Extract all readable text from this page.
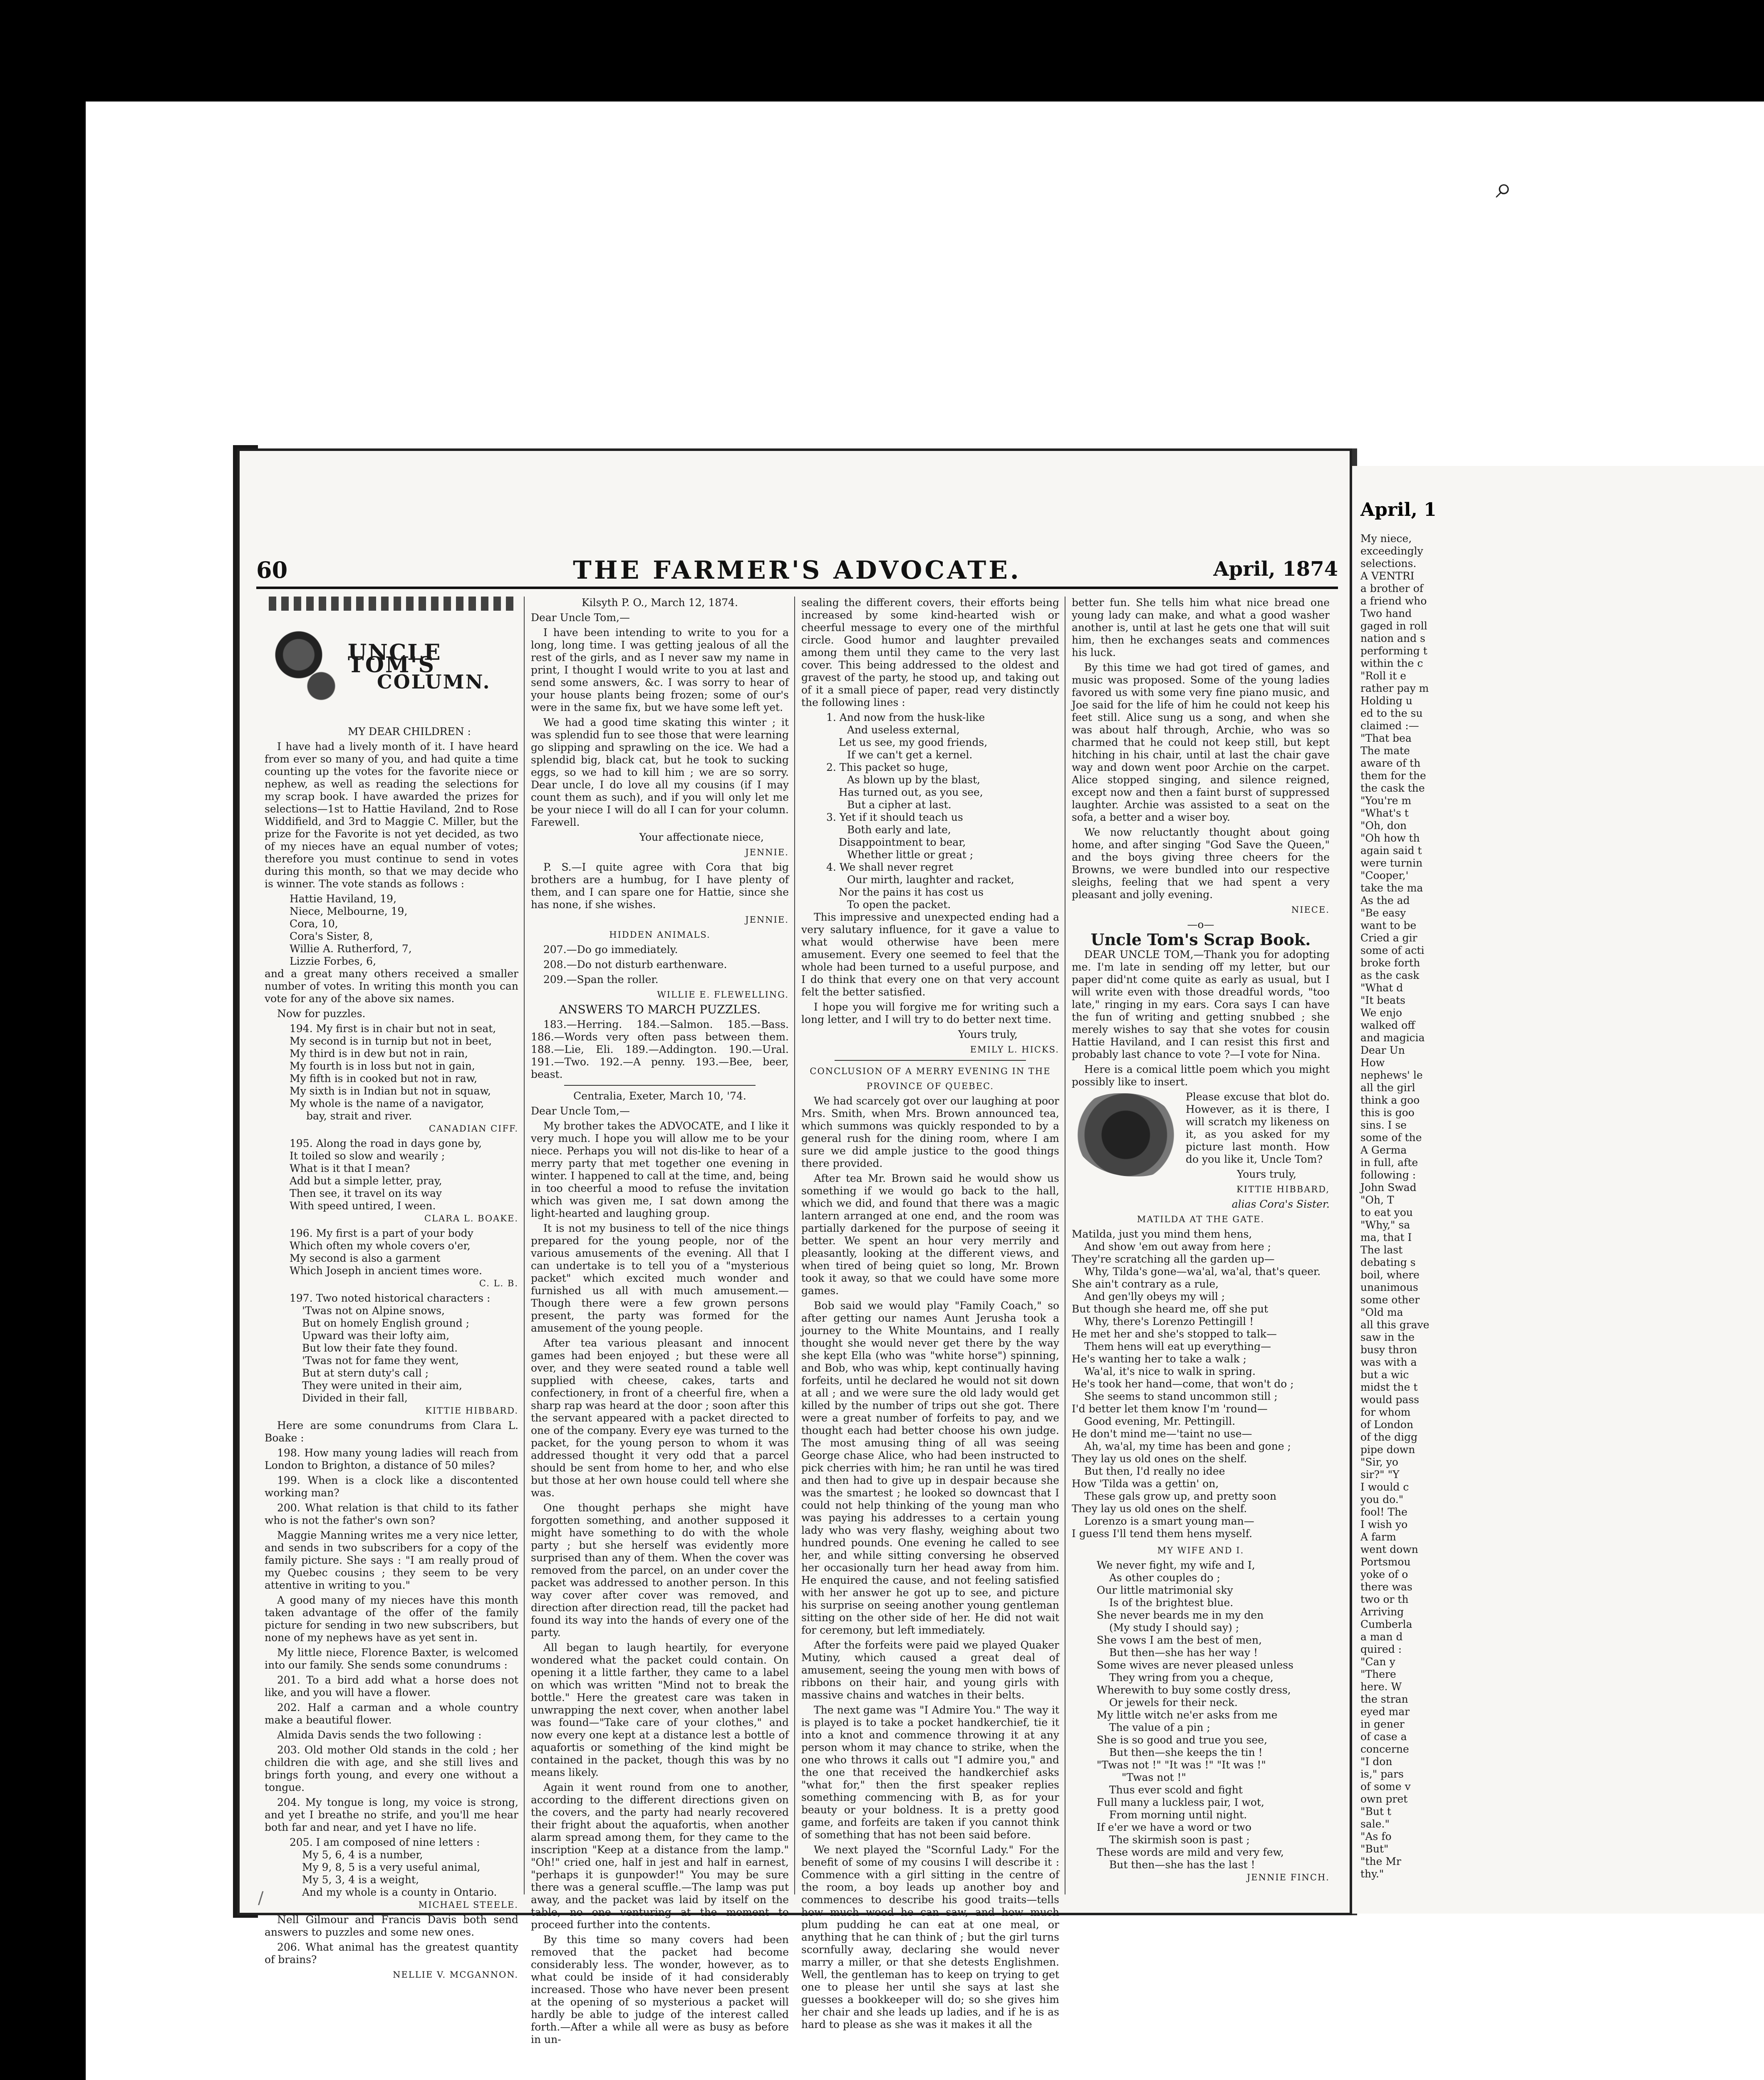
⌕
60	THE FARMER'S ADVOCATE.	April, 1874
UNCLE TOM'S
COLUMN.

MY DEAR CHILDREN :

I have had a lively month of it. I have heard from ever so many of you, and had quite a time counting up the votes for the favorite niece or nephew, as well as reading the selections for my scrap book. I have awarded the prizes for selections—1st to Hattie Haviland, 2nd to Rose Widdifield, and 3rd to Maggie C. Miller, but the prize for the Favorite is not yet decided, as two of my nieces have an equal number of votes; therefore you must continue to send in votes during this month, so that we may decide who is winner. The vote stands as follows :

Hattie Haviland, 19,
Niece, Melbourne, 19,
Cora, 10,
Cora's Sister, 8,
Willie A. Rutherford, 7,
Lizzie Forbes, 6,

and a great many others received a smaller number of votes. In writing this month you can vote for any of the above six names.

Now for puzzles.

194. My first is in chair but not in seat,
My second is in turnip but not in beet,
My third is in dew but not in rain,
My fourth is in loss but not in gain,
My fifth is in cooked but not in raw,
My sixth is in Indian but not in squaw,
My whole is the name of a navigator,
bay, strait and river.

CANADIAN CIFF.

195. Along the road in days gone by,
It toiled so slow and wearily ;
What is it that I mean?
Add but a simple letter, pray,
Then see, it travel on its way
With speed untired, I ween.

CLARA L. BOAKE.

196. My first is a part of your body
Which often my whole covers o'er,
My second is also a garment
Which Joseph in ancient times wore.

C. L. B.

197. Two noted historical characters :
'Twas not on Alpine snows,
But on homely English ground ;
Upward was their lofty aim,
But low their fate they found.
'Twas not for fame they went,
But at stern duty's call ;
They were united in their aim,
Divided in their fall,

KITTIE HIBBARD.

Here are some conundrums from Clara L. Boake :

198. How many young ladies will reach from London to Brighton, a distance of 50 miles?

199. When is a clock like a discontented working man?

200. What relation is that child to its father who is not the father's own son?

Maggie Manning writes me a very nice letter, and sends in two subscribers for a copy of the family picture. She says : "I am really proud of my Quebec cousins ; they seem to be very attentive in writing to you."

A good many of my nieces have this month taken advantage of the offer of the family picture for sending in two new subscribers, but none of my nephews have as yet sent in.

My little niece, Florence Baxter, is welcomed into our family. She sends some conundrums :

201. To a bird add what a horse does not like, and you will have a flower.

202. Half a carman and a whole country make a beautiful flower.

Almida Davis sends the two following :

203. Old mother Old stands in the cold ; her children die with age, and she still lives and brings forth young, and every one without a tongue.

204. My tongue is long, my voice is strong, and yet I breathe no strife, and you'll me hear both far and near, and yet I have no life.

205. I am composed of nine letters :
My 5, 6, 4 is a number,
My 9, 8, 5 is a very useful animal,
My 5, 3, 4 is a weight,
And my whole is a county in Ontario.

MICHAEL STEELE.

Nell Gilmour and Francis Davis both send answers to puzzles and some new ones.

206. What animal has the greatest quantity of brains?

NELLIE V. MCGANNON.

Kilsyth P. O., March 12, 1874.

Dear Uncle Tom,—

I have been intending to write to you for a long, long time. I was getting jealous of all the rest of the girls, and as I never saw my name in print, I thought I would write to you at last and send some answers, &c. I was sorry to hear of your house plants being frozen; some of our's were in the same fix, but we have some left yet.

We had a good time skating this winter ; it was splendid fun to see those that were learning go slipping and sprawling on the ice. We had a splendid big, black cat, but he took to sucking eggs, so we had to kill him ; we are so sorry. Dear uncle, I do love all my cousins (if I may count them as such), and if you will only let me be your niece I will do all I can for your column. Farewell.

Your affectionate niece,

JENNIE.

P. S.—I quite agree with Cora that big brothers are a humbug, for I have plenty of them, and I can spare one for Hattie, since she has none, if she wishes.

JENNIE.

HIDDEN ANIMALS.

207.—Do go immediately.

208.—Do not disturb earthenware.

209.—Span the roller.

WILLIE E. FLEWELLING.

ANSWERS TO MARCH PUZZLES.

183.—Herring. 184.—Salmon. 185.—Bass. 186.—Words very often pass between them. 188.—Lie, Eli. 189.—Addington. 190.—Ural. 191.—Two. 192.—A penny. 193.—Bee, beer, beast.

Centralia, Exeter, March 10, '74.

Dear Uncle Tom,—

My brother takes the ADVOCATE, and I like it very much. I hope you will allow me to be your niece. Perhaps you will not dis-like to hear of a merry party that met together one evening in winter. I happened to call at the time, and, being in too cheerful a mood to refuse the invitation which was given me, I sat down among the light-hearted and laughing group.

It is not my business to tell of the nice things prepared for the young people, nor of the various amusements of the evening. All that I can undertake is to tell you of a "mysterious packet" which excited much wonder and furnished us all with much amusement.—Though there were a few grown persons present, the party was formed for the amusement of the young people.

After tea various pleasant and innocent games had been enjoyed ; but these were all over, and they were seated round a table well supplied with cheese, cakes, tarts and confectionery, in front of a cheerful fire, when a sharp rap was heard at the door ; soon after this the servant appeared with a packet directed to one of the company. Every eye was turned to the packet, for the young person to whom it was addressed thought it very odd that a parcel should be sent from home to her, and who else but those at her own house could tell where she was.

One thought perhaps she might have forgotten something, and another supposed it might have something to do with the whole party ; but she herself was evidently more surprised than any of them. When the cover was removed from the parcel, on an under cover the packet was addressed to another person. In this way cover after cover was removed, and direction after direction read, till the packet had found its way into the hands of every one of the party.

All began to laugh heartily, for everyone wondered what the packet could contain. On opening it a little farther, they came to a label on which was written "Mind not to break the bottle." Here the greatest care was taken in unwrapping the next cover, when another label was found—"Take care of your clothes," and now every one kept at a distance lest a bottle of aquafortis or something of the kind might be contained in the packet, though this was by no means likely.

Again it went round from one to another, according to the different directions given on the covers, and the party had nearly recovered their fright about the aquafortis, when another alarm spread among them, for they came to the inscription "Keep at a distance from the lamp." "Oh!" cried one, half in jest and half in earnest, "perhaps it is gunpowder!" You may be sure there was a general scuffle.—The lamp was put away, and the packet was laid by itself on the table, no one venturing at the moment to proceed further into the contents.

By this time so many covers had been removed that the packet had become considerably less. The wonder, however, as to what could be inside of it had considerably increased. Those who have never been present at the opening of so mysterious a packet will hardly be able to judge of the interest called forth.—After a while all were as busy as before in un-

sealing the different covers, their efforts being increased by some kind-hearted wish or cheerful message to every one of the mirthful circle. Good humor and laughter prevailed among them until they came to the very last cover. This being addressed to the oldest and gravest of the party, he stood up, and taking out of it a small piece of paper, read very distinctly the following lines :

1. And now from the husk-like
And useless external,
Let us see, my good friends,
If we can't get a kernel.
2. This packet so huge,
As blown up by the blast,
Has turned out, as you see,
But a cipher at last.
3. Yet if it should teach us
Both early and late,
Disappointment to bear,
Whether little or great ;
4. We shall never regret
Our mirth, laughter and racket,
Nor the pains it has cost us
To open the packet.

This impressive and unexpected ending had a very salutary influence, for it gave a value to what would otherwise have been mere amusement. Every one seemed to feel that the whole had been turned to a useful purpose, and I do think that every one on that very account felt the better satisfied.

I hope you will forgive me for writing such a long letter, and I will try to do better next time.

Yours truly,

EMILY L. HICKS.

CONCLUSION OF A MERRY EVENING IN THE

PROVINCE OF QUEBEC.

We had scarcely got over our laughing at poor Mrs. Smith, when Mrs. Brown announced tea, which summons was quickly responded to by a general rush for the dining room, where I am sure we did ample justice to the good things there provided.

After tea Mr. Brown said he would show us something if we would go back to the hall, which we did, and found that there was a magic lantern arranged at one end, and the room was partially darkened for the purpose of seeing it better. We spent an hour very merrily and pleasantly, looking at the different views, and when tired of being quiet so long, Mr. Brown took it away, so that we could have some more games.

Bob said we would play "Family Coach," so after getting our names Aunt Jerusha took a journey to the White Mountains, and I really thought she would never get there by the way she kept Ella (who was "white horse") spinning, and Bob, who was whip, kept continually having forfeits, until he declared he would not sit down at all ; and we were sure the old lady would get killed by the number of trips out she got. There were a great number of forfeits to pay, and we thought each had better choose his own judge. The most amusing thing of all was seeing George chase Alice, who had been instructed to pick cherries with him; he ran until he was tired and then had to give up in despair because she was the smartest ; he looked so downcast that I could not help thinking of the young man who was paying his addresses to a certain young lady who was very flashy, weighing about two hundred pounds. One evening he called to see her, and while sitting conversing he observed her occasionally turn her head away from him. He enquired the cause, and not feeling satisfied with her answer he got up to see, and picture his surprise on seeing another young gentleman sitting on the other side of her. He did not wait for ceremony, but left immediately.

After the forfeits were paid we played Quaker Mutiny, which caused a great deal of amusement, seeing the young men with bows of ribbons on their hair, and young girls with massive chains and watches in their belts.

The next game was "I Admire You." The way it is played is to take a pocket handkerchief, tie it into a knot and commence throwing it at any person whom it may chance to strike, when the one who throws it calls out "I admire you," and the one that received the handkerchief asks "what for," then the first speaker replies something commencing with B, as for your beauty or your boldness. It is a pretty good game, and forfeits are taken if you cannot think of something that has not been said before.

We next played the "Scornful Lady." For the benefit of some of my cousins I will describe it : Commence with a girl sitting in the centre of the room, a boy leads up another boy and commences to describe his good traits—tells how much wood he can saw, and how much plum pudding he can eat at one meal, or anything that he can think of ; but the girl turns scornfully away, declaring she would never marry a miller, or that she detests Englishmen. Well, the gentleman has to keep on trying to get one to please her until she says at last she guesses a bookkeeper will do; so she gives him her chair and she leads up ladies, and if he is as hard to please as she was it makes it all the

better fun. She tells him what nice bread one young lady can make, and what a good washer another is, until at last he gets one that will suit him, then he exchanges seats and commences his luck.

By this time we had got tired of games, and music was proposed. Some of the young ladies favored us with some very fine piano music, and Joe said for the life of him he could not keep his feet still. Alice sung us a song, and when she was about half through, Archie, who was so charmed that he could not keep still, but kept hitching in his chair, until at last the chair gave way and down went poor Archie on the carpet. Alice stopped singing, and silence reigned, except now and then a faint burst of suppressed laughter. Archie was assisted to a seat on the sofa, a better and a wiser boy.

We now reluctantly thought about going home, and after singing "God Save the Queen," and the boys giving three cheers for the Browns, we were bundled into our respective sleighs, feeling that we had spent a very pleasant and jolly evening.

NIECE.

—o—

Uncle Tom's Scrap Book.

DEAR UNCLE TOM,—Thank you for adopting me. I'm late in sending off my letter, but our paper did'nt come quite as early as usual, but I will write even with those dreadful words, "too late," ringing in my ears. Cora says I can have the fun of writing and getting snubbed ; she merely wishes to say that she votes for cousin Hattie Haviland, and I can resist this first and probably last chance to vote ?—I vote for Nina.

Here is a comical little poem which you might possibly like to insert.

Please excuse that blot do. However, as it is there, I will scratch my likeness on it, as you asked for my picture last month. How do you like it, Uncle Tom?

Yours truly,

KITTIE HIBBARD,

alias Cora's Sister.

MATILDA AT THE GATE.

Matilda, just you mind them hens,
And show 'em out away from here ;
They're scratching all the garden up—
Why, Tilda's gone—wa'al, wa'al, that's queer.
She ain't contrary as a rule,
And gen'lly obeys my will ;
But though she heard me, off she put
Why, there's Lorenzo Pettingill !
He met her and she's stopped to talk—
Them hens will eat up everything—
He's wanting her to take a walk ;
Wa'al, it's nice to walk in spring.
He's took her hand—come, that won't do ;
She seems to stand uncommon still ;
I'd better let them know I'm 'round—
Good evening, Mr. Pettingill.
He don't mind me—'taint no use—
Ah, wa'al, my time has been and gone ;
They lay us old ones on the shelf.
But then, I'd really no idee
How 'Tilda was a gettin' on,
These gals grow up, and pretty soon
They lay us old ones on the shelf.
Lorenzo is a smart young man—
I guess I'll tend them hens myself.

MY WIFE AND I.

We never fight, my wife and I,
As other couples do ;
Our little matrimonial sky
Is of the brightest blue.
She never beards me in my den
(My study I should say) ;
She vows I am the best of men,
But then—she has her way !
Some wives are never pleased unless
They wring from you a cheque,
Wherewith to buy some costly dress,
Or jewels for their neck.
My little witch ne'er asks from me
The value of a pin ;
She is so good and true you see,
But then—she keeps the tin !
"Twas not !" "It was !" "It was !"
"Twas not !"
Thus ever scold and fight
Full many a luckless pair, I wot,
From morning until night.
If e'er we have a word or two
The skirmish soon is past ;
These words are mild and very few,
But then—she has the last !

JENNIE FINCH.

April, 1
My niece,
exceedingly
selections.
A VENTRI
a brother of
a friend who
Two hand
gaged in roll
nation and s
performing t
within the c
"Roll it e
rather pay m
Holding u
ed to the su
claimed :—
"That bea
The mate
aware of th
them for the
the cask the
"You're m
"What's t
"Oh, don
"Oh how th
again said t
were turnin
"Cooper,'
take the ma
As the ad
"Be easy
want to be
Cried a gir
some of acti
broke forth
as the cask
"What d
"It beats
We enjo
walked off
and magicia
Dear Un
How
nephews' le
all the girl
think a goo
this is goo
sins. I se
some of the
A Germa
in full, afte
following :
John Swad
"Oh, T
to eat you
"Why," sa
ma, that I
The last
debating s
boil, where
unanimous
some other
"Old ma
all this grave
saw in the
busy thron
was with a
but a wic
midst the t
would pass
for whom
of London
of the digg
pipe down
"Sir, yo
sir?" "Y
I would c
you do."
fool! The
I wish yo
A farm
went down
Portsmou
yoke of o
there was
two or th
Arriving
Cumberla
a man d
quired :
"Can y
"There
here. W
the stran
eyed mar
in gener
of case a
concerne
"I don
is," pars
of some v
own pret
"But t
sale."
"As fo
"But"
"the Mr
thy."
/
